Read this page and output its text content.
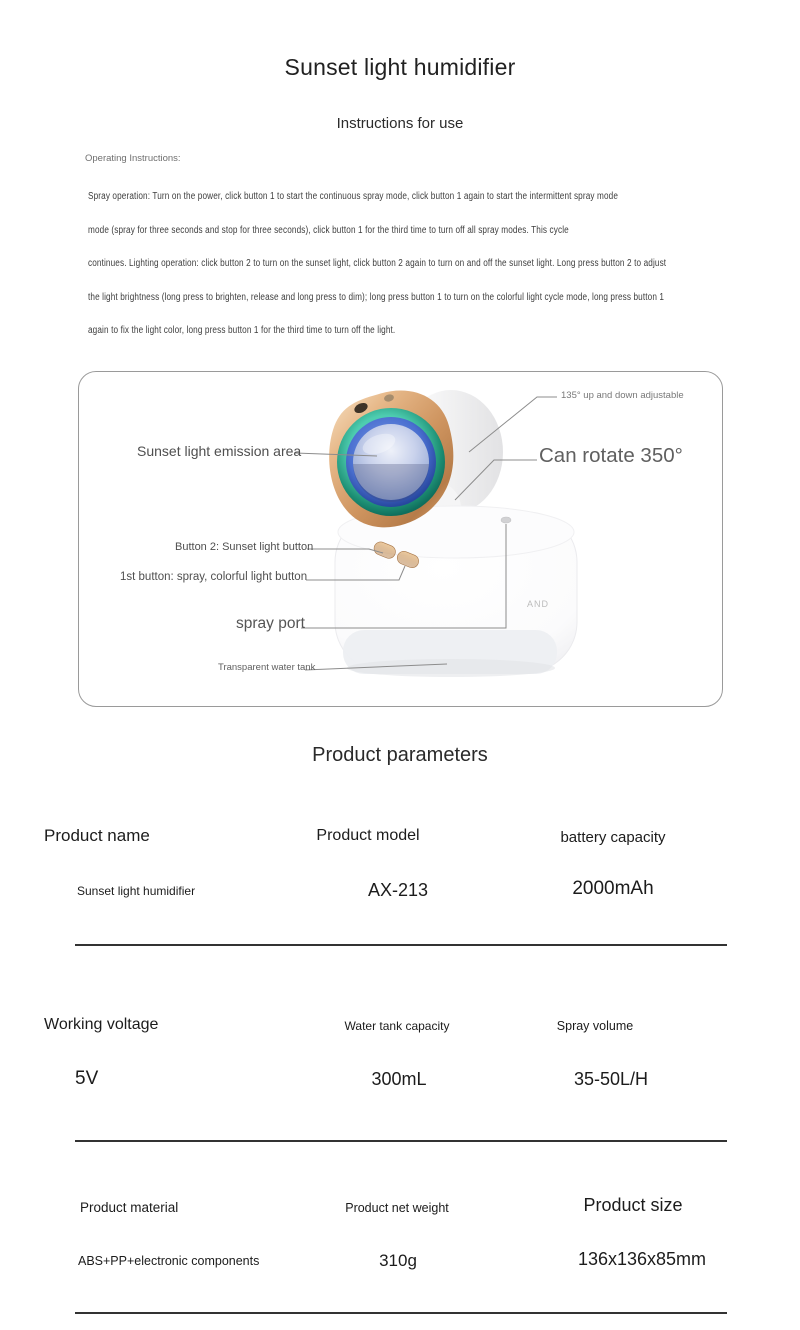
Sunset light humidifier
Instructions for use
Operating Instructions:
Spray operation: Turn on the power, click button 1 to start the continuous spray mode, click button 1 again to start the intermittent spray mode
mode (spray for three seconds and stop for three seconds), click button 1 for the third time to turn off all spray modes. This cycle
continues. Lighting operation: click button 2 to turn on the sunset light, click button 2 again to turn on and off the sunset light. Long press button 2 to adjust
the light brightness (long press to brighten, release and long press to dim); long press button 1 to turn on the colorful light cycle mode, long press button 1
again to fix the light color, long press button 1 for the third time to turn off the light.
AND
135° up and down adjustable
Sunset light emission area	Can rotate 350°
Button 2: Sunset light button
1st button: spray, colorful light button
spray port
Transparent water tank
Product parameters
Product name	Product model	battery capacity
Sunset light humidifier	AX-213	2000mAh
Working voltage	Water tank capacity	Spray volume
5V	300mL	35-50L/H
Product material	Product net weight	Product size
ABS+PP+electronic components	310g	136x136x85mm
